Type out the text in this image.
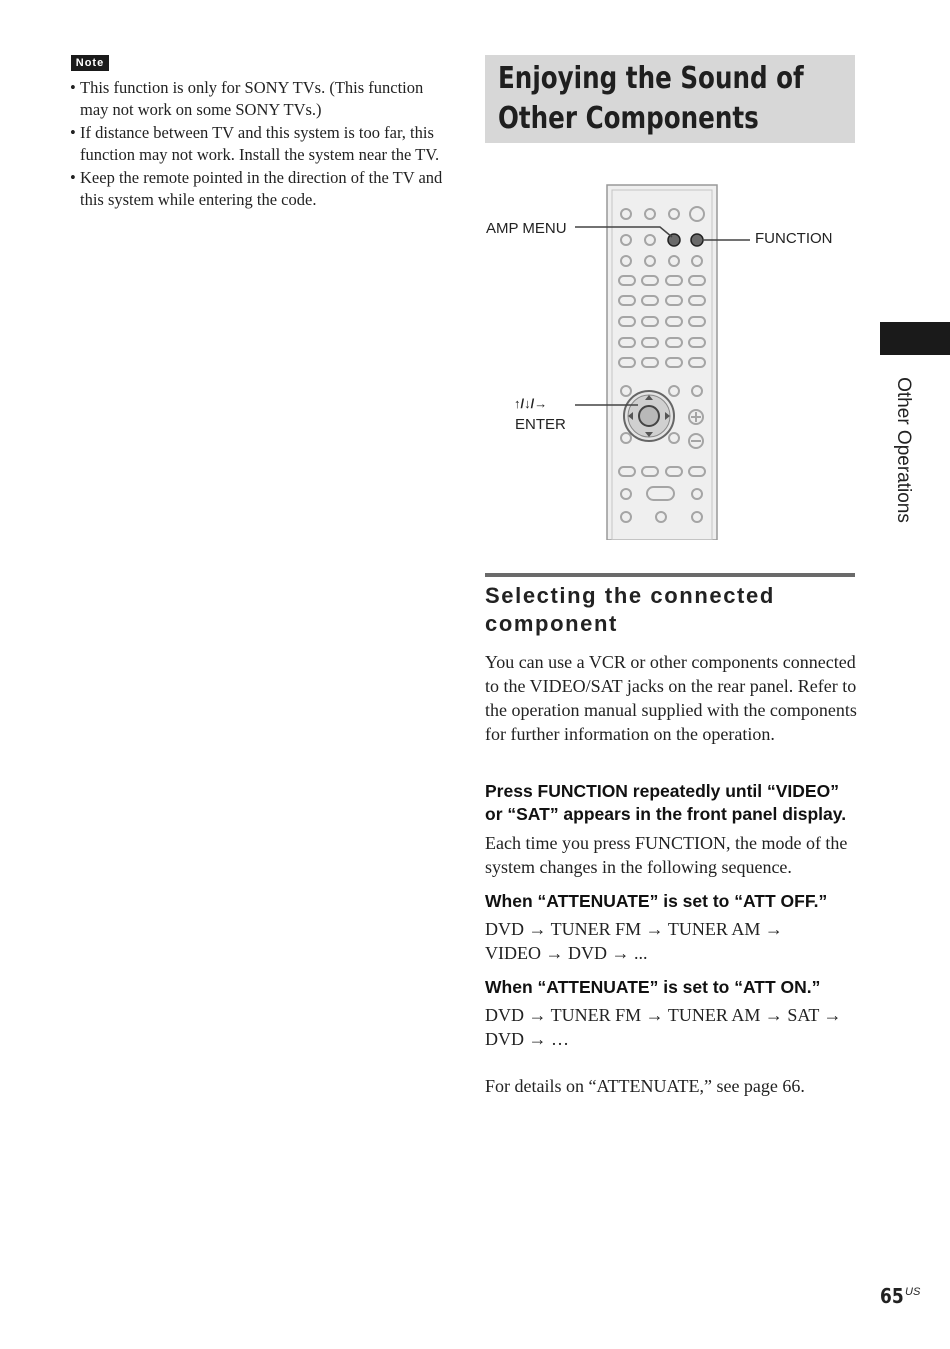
Note
• This function is only for SONY TVs. (This function may not work on some SONY TVs.)
• If distance between TV and this system is too far, this function may not work. Install the system near the TV.
• Keep the remote pointed in the direction of the TV and this system while entering the code.
Enjoying the Sound of
Other Components
AMP MENU
FUNCTION
↑/↓/→
ENTER	Other Operations
Selecting the connected component
You can use a VCR or other components connected to the VIDEO/SAT jacks on the rear panel. Refer to the operation manual supplied with the components for further information on the operation.
Press FUNCTION repeatedly until “VIDEO” or “SAT” appears in the front panel display.
Each time you press FUNCTION, the mode of the system changes in the following sequence.
When “ATTENUATE” is set to “ATT OFF.”
DVD → TUNER FM → TUNER AM → VIDEO → DVD → ...
When “ATTENUATE” is set to “ATT ON.”
DVD → TUNER FM → TUNER AM → SAT → DVD → …
For details on “ATTENUATE,” see page 66.
65 US
